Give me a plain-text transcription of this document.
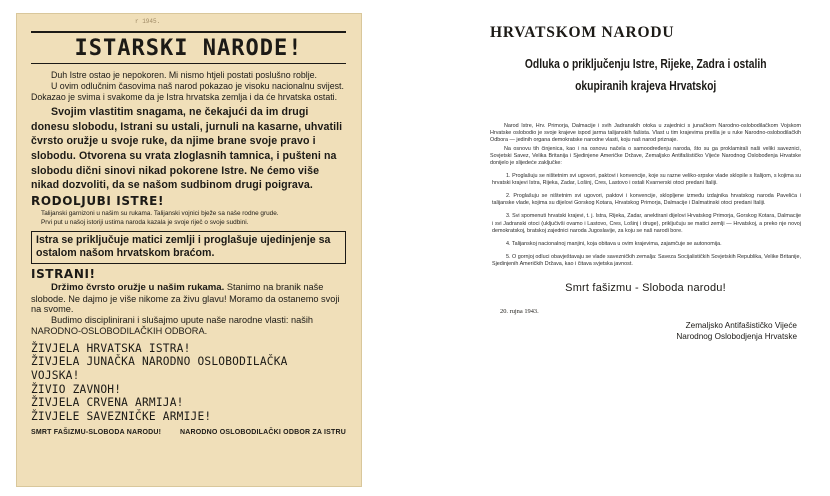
r 1945.
ISTARSKI NARODE!

Duh Istre ostao je nepokoren. Mi nismo htjeli postati poslušno roblje.

U ovim odlučnim časovima naš narod pokazao je visoku nacionalnu svijest. Dokazao je svima i svakome da je Istra hrvatska zemlja i da će hrvatska ostati.

Svojim vlastitim snagama, ne čekajući da im drugi donesu slobodu, Istrani su ustali, jurnuli na kasarne, uhvatili čvrsto oružje u svoje ruke, da njime brane svoje pravo i slobodu. Otvorena su vrata zloglasnih tamnica, i pušteni na slobodu dični sinovi nikad pokorene Istre. Ne ćemo više nikad dozvoliti, da se našom sudbinom drugi poigrava.

RODOLJUBI ISTRE!

Talijanski garnizoni u našim su rukama. Talijanski vojnici bježe sa naše rodne grude.

Prvi put u našoj istoriji ustima naroda kazala je svoje riječ o svoje sudbini.

Istra se priključuje matici zemlji i proglašuje ujedinjenje sa ostalom našom hrvatskom braćom.
ISTRANI!

Držimo čvrsto oružje u našim rukama. Stanimo na branik naše slobode. Ne dajmo je više nikome za živu glavu! Moramo da ostanemo svoji na svome.

Budimo disciplinirani i slušajmo upute naše narodne vlasti: naših NARODNO-OSLOBODILAČKIH ODBORA.

ŽIVJELA HRVATSKA ISTRA!
ŽIVJELA JUNAČKA NARODNO OSLOBODILAČKA
VOJSKA!
ŽIVIO ZAVNOH!
ŽIVJELA CRVENA ARMIJA!
ŽIVJELE SAVEZNIČKE ARMIJE!
SMRT FAŠIZMU-SLOBODA NARODU!	NARODNO OSLOBODILAČKI ODBOR ZA ISTRU
HRVATSKOM NARODU
Odluka o priključenju Istre, Rijeke, Zadra i ostalih
okupiranih krajeva Hrvatskoj

Narod Istre, Hrv. Primorja, Dalmacije i svih Jadranskih otoka u zajednici s junačkom Narodno-oslobodilačkom Vojskom Hrvatske oslobodio je svoje krajeve ispod jarma talijanskih fašista. Vlast u tim krajevima prešla je u ruke Narodno-oslobodilačkih Odbora — jedinih organa demokratske narodne vlasti, koju naš narod priznaje.

Na osnovu tih činjenica, kao i na osnovu načela o samoodređenju naroda, što su ga proklamirali naši veliki saveznici, Sovjetski Savez, Velika Britanija i Sjedinjene Američke Države, Zemaljsko Antifašističko Vijeće Narodnog Oslobođenja Hrvatske donijelo je slijedeće zaključke:

1. Proglašuju se ništetnim svi ugovori, paktovi i konvencije, koje su razne veliko-srpske vlade sklopile s Italijom, s kojima su hrvatski krajevi Istra, Rijeka, Zadar, Lošinj, Cres, Lastovo i ostali Kvarnerski otoci predani Italiji.

2. Proglašuju se ništetnim svi ugovori, paktovi i konvencije, sklopljene između izdajnika hrvatskog naroda Pavelića i talijanske vlade, kojima su dijelovi Gorskog Kotara, Hrvatskog Primorja, Dalmacije i Dalmatinski otoci predani Italiji.

3. Svi spomenuti hrvatski krajevi, t. j. Istra, Rijeka, Zadar, anektirani dijelovi Hrvatskog Primorja, Gorskog Kotara, Dalmacije i svi Jadranski otoci (uključivši ovamo i Lastovo, Cres, Lošinj i druge), priključuju se matici zemlji — Hrvatskoj, a preko nje novoj demokratskoj, bratskoj zajednici naroda Jugoslavije, za koju se naš narodi bore.

4. Talijanskoj nacionalnoj manjini, koja obitava u ovim krajevima, zajamčuje se autonomija.

5. O gornjoj odluci obavještavaju se vlade savezničkih zemalja: Saveza Socijalističkih Sovjetskih Republika, Velike Britanije, Sjedinjenih Američkih Država, kao i čitava svjetska javnost.

Smrt fašizmu - Sloboda narodu!
20. rujna 1943.
Zemaljsko Antifašističko Vijeće
Narodnog Oslobodjenja Hrvatske
